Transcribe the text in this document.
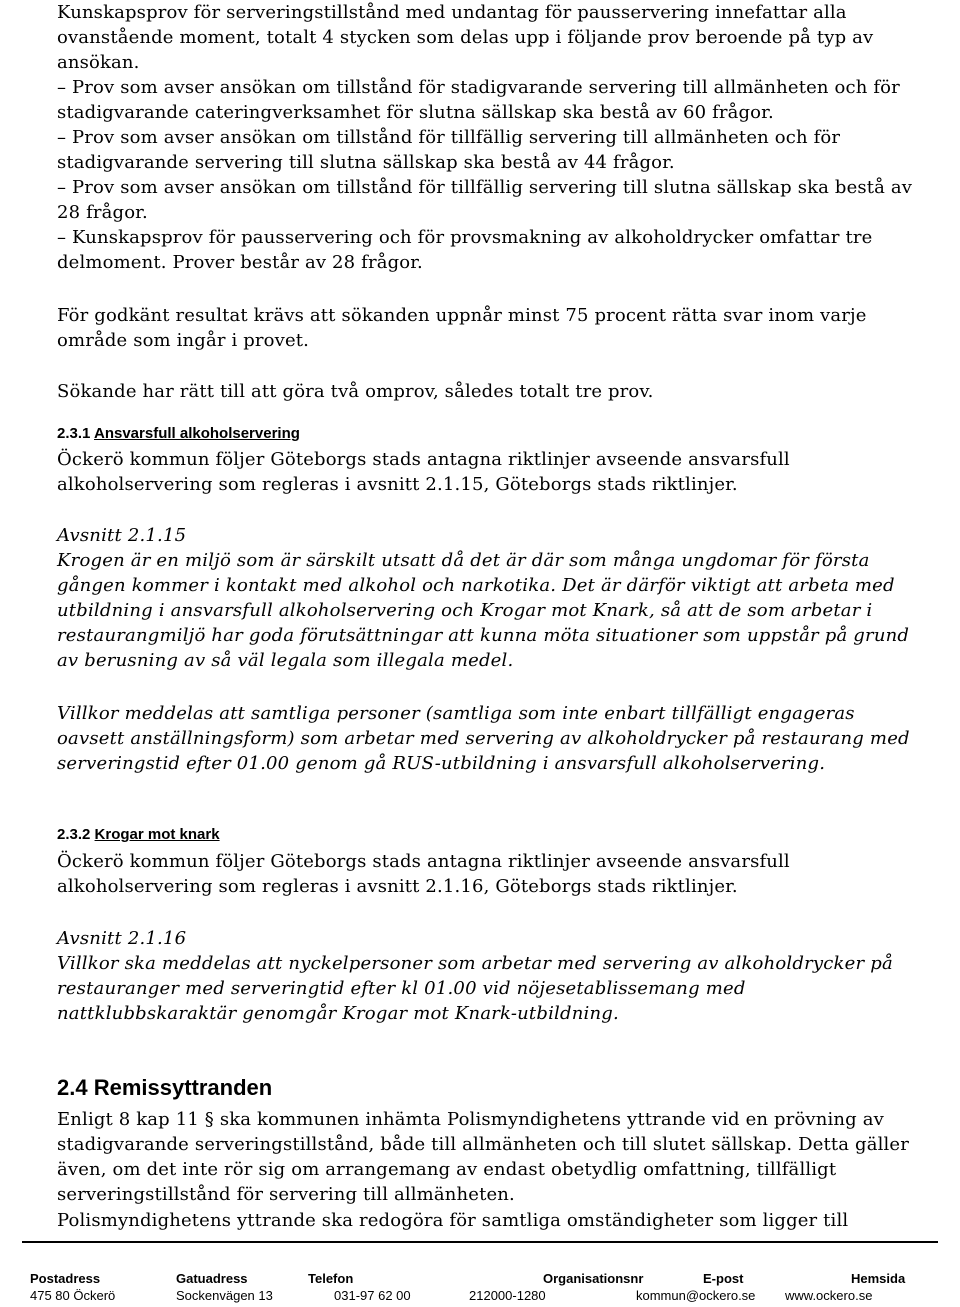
Kunskapsprov för serveringstillstånd med undantag för pausservering innefattar alla ovanstående moment, totalt 4 stycken som delas upp i följande prov beroende på typ av ansökan.

– Prov som avser ansökan om tillstånd för stadigvarande servering till allmänheten och för stadigvarande cateringverksamhet för slutna sällskap ska bestå av 60 frågor.

– Prov som avser ansökan om tillstånd för tillfällig servering till allmänheten och för stadigvarande servering till slutna sällskap ska bestå av 44 frågor.

– Prov som avser ansökan om tillstånd för tillfällig servering till slutna sällskap ska bestå av 28 frågor.

– Kunskapsprov för pausservering och för provsmakning av alkoholdrycker omfattar tre delmoment. Prover består av 28 frågor.

För godkänt resultat krävs att sökanden uppnår minst 75 procent rätta svar inom varje område som ingår i provet.

Sökande har rätt till att göra två omprov, således totalt tre prov.

2.3.1 Ansvarsfull alkoholservering

Öckerö kommun följer Göteborgs stads antagna riktlinjer avseende ansvarsfull alkoholservering som regleras i avsnitt 2.1.15, Göteborgs stads riktlinjer.

Avsnitt 2.1.15

Krogen är en miljö som är särskilt utsatt då det är där som många ungdomar för första gången kommer i kontakt med alkohol och narkotika. Det är därför viktigt att arbeta med utbildning i ansvarsfull alkoholservering och Krogar mot Knark, så att de som arbetar i restaurangmiljö har goda förutsättningar att kunna möta situationer som uppstår på grund av berusning av så väl legala som illegala medel.

Villkor meddelas att samtliga personer (samtliga som inte enbart tillfälligt engageras oavsett anställningsform) som arbetar med servering av alkoholdrycker på restaurang med serveringstid efter 01.00 genom gå RUS-utbildning i ansvarsfull alkoholservering.

2.3.2 Krogar mot knark

Öckerö kommun följer Göteborgs stads antagna riktlinjer avseende ansvarsfull alkoholservering som regleras i avsnitt 2.1.16, Göteborgs stads riktlinjer.

Avsnitt 2.1.16

Villkor ska meddelas att nyckelpersoner som arbetar med servering av alkoholdrycker på restauranger med serveringtid efter kl 01.00 vid nöjesetablissemang med nattklubbskaraktär genomgår Krogar mot Knark-utbildning.

2.4 Remissyttranden

Enligt 8 kap 11 § ska kommunen inhämta Polismyndighetens yttrande vid en prövning av stadigvarande serveringstillstånd, både till allmänheten och till slutet sällskap. Detta gäller även, om det inte rör sig om arrangemang av endast obetydlig omfattning, tillfälligt serveringstillstånd för servering till allmänheten.

Polismyndighetens yttrande ska redogöra för samtliga omständigheter som ligger till

Postadress	Gatuadress	Telefon	Organisationsnr	E-post	Hemsida
475 80 Öckerö	Sockenvägen 13	031-97 62 00	212000-1280	kommun@ockero.se www.ockero.se
